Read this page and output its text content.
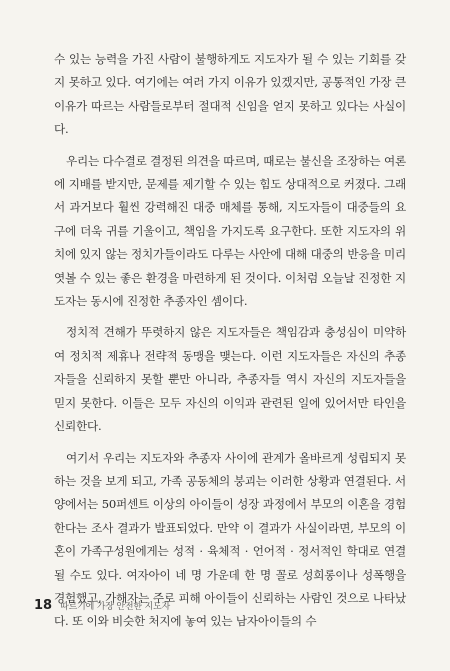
수 있는 능력을 가진 사람이 불행하게도 지도자가 될 수 있는 기회를 갖지 못하고 있다. 여기에는 여러 가지 이유가 있겠지만, 공통적인 가장 큰 이유가 따르는 사람들로부터 절대적 신임을 얻지 못하고 있다는 사실이다.

우리는 다수결로 결정된 의견을 따르며, 때로는 불신을 조장하는 여론에 지배를 받지만, 문제를 제기할 수 있는 힘도 상대적으로 커졌다. 그래서 과거보다 훨씬 강력해진 대중 매체를 통해, 지도자들이 대중들의 요구에 더욱 귀를 기울이고, 책임을 가지도록 요구한다. 또한 지도자의 위치에 있지 않는 정치가들이라도 다루는 사안에 대해 대중의 반응을 미리 엿볼 수 있는 좋은 환경을 마련하게 된 것이다. 이처럼 오늘날 진정한 지도자는 동시에 진정한 추종자인 셈이다.

정치적 견해가 뚜렷하지 않은 지도자들은 책임감과 충성심이 미약하여 정치적 제휴나 전략적 동맹을 맺는다. 이런 지도자들은 자신의 추종자들을 신뢰하지 못할 뿐만 아니라, 추종자들 역시 자신의 지도자들을 믿지 못한다. 이들은 모두 자신의 이익과 관련된 일에 있어서만 타인을 신뢰한다.

여기서 우리는 지도자와 추종자 사이에 관계가 올바르게 성립되지 못하는 것을 보게 되고, 가족 공동체의 붕괴는 이러한 상황과 연결된다. 서양에서는 50퍼센트 이상의 아이들이 성장 과정에서 부모의 이혼을 경험한다는 조사 결과가 발표되었다. 만약 이 결과가 사실이라면, 부모의 이혼이 가족구성원에게는 성적 · 육체적 · 언어적 · 정서적인 학대로 연결될 수도 있다. 여자아이 네 명 가운데 한 명 꼴로 성희롱이나 성폭행을 경험했고, 가해자는 주로 피해 아이들이 신뢰하는 사람인 것으로 나타났다. 또 이와 비슷한 처지에 놓여 있는 남자아이들의 수

18 따르기에 가장 안전한 지도자
